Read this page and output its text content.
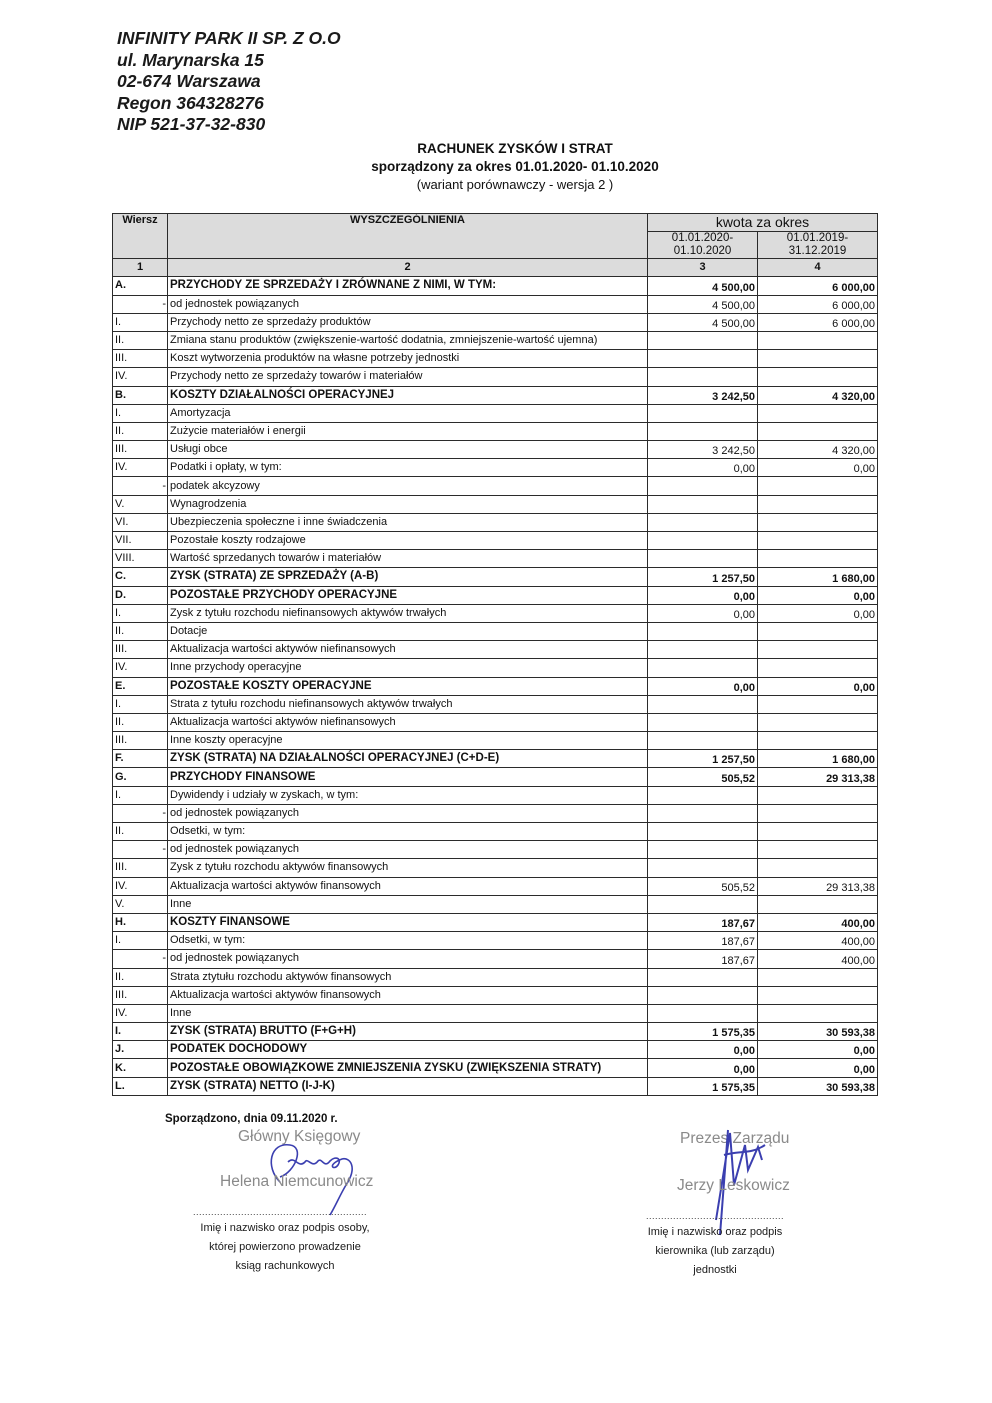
INFINITY PARK II SP. Z O.O
ul. Marynarska 15
02-674 Warszawa
Regon 364328276
NIP 521-37-32-830
RACHUNEK ZYSKÓW I STRAT
sporządzony za okres 01.01.2020- 01.10.2020
(wariant porównawczy - wersja 2 )
Wiersz	WYSZCZEGÓLNIENIA	kwota za okres	

01.01.2020-
01.10.2020

01.01.2019-
31.12.2019

1	2	3	4
A.	PRZYCHODY ZE SPRZEDAŻY I ZRÓWNANE Z NIMI, W TYM:	4 500,00	6 000,00
-	od jednostek powiązanych	4 500,00	6 000,00
I.	Przychody netto ze sprzedaży produktów	4 500,00	6 000,00
II.	Zmiana stanu produktów (zwiększenie-wartość dodatnia, zmniejszenie-wartość ujemna)		
III.	Koszt wytworzenia produktów na własne potrzeby jednostki		
IV.	Przychody netto ze sprzedaży towarów i materiałów		
B.	KOSZTY DZIAŁALNOŚCI OPERACYJNEJ	3 242,50	4 320,00
I.	Amortyzacja		
II.	Zużycie materiałów i energii		
III.	Usługi obce	3 242,50	4 320,00
IV.	Podatki i opłaty, w tym:	0,00	0,00
-	podatek akcyzowy		
V.	Wynagrodzenia		
VI.	Ubezpieczenia społeczne i inne świadczenia		
VII.	Pozostałe koszty rodzajowe		
VIII.	Wartość sprzedanych towarów i materiałów		
C.	ZYSK (STRATA) ZE SPRZEDAŻY (A-B)	1 257,50	1 680,00
D.	POZOSTAŁE PRZYCHODY OPERACYJNE	0,00	0,00
I.	Zysk z tytułu rozchodu niefinansowych aktywów trwałych	0,00	0,00
II.	Dotacje		
III.	Aktualizacja wartości aktywów niefinansowych		
IV.	Inne przychody operacyjne		
E.	POZOSTAŁE KOSZTY OPERACYJNE	0,00	0,00
I.	Strata z tytułu rozchodu niefinansowych aktywów trwałych		
II.	Aktualizacja wartości aktywów niefinansowych		
III.	Inne koszty operacyjne		
F.	ZYSK (STRATA) NA DZIAŁALNOŚCI OPERACYJNEJ (C+D-E)	1 257,50	1 680,00
G.	PRZYCHODY FINANSOWE	505,52	29 313,38
I.	Dywidendy i udziały w zyskach, w tym:		
-	od jednostek powiązanych		
II.	Odsetki, w tym:		
-	od jednostek powiązanych		
III.	Zysk z tytułu rozchodu aktywów finansowych		
IV.	Aktualizacja wartości aktywów finansowych	505,52	29 313,38
V.	Inne		
H.	KOSZTY FINANSOWE	187,67	400,00
I.	Odsetki, w tym:	187,67	400,00
-	od jednostek powiązanych	187,67	400,00
II.	Strata ztytułu rozchodu aktywów finansowych		
III.	Aktualizacja wartości aktywów finansowych		
IV.	Inne		
I.	ZYSK (STRATA) BRUTTO (F+G+H)	1 575,35	30 593,38
J.	PODATEK DOCHODOWY	0,00	0,00
K.	POZOSTAŁE OBOWIĄZKOWE ZMNIEJSZENIA ZYSKU (ZWIĘKSZENIA STRATY)	0,00	0,00
L.	ZYSK (STRATA) NETTO (I-J-K)	1 575,35	30 593,38
Sporządzono, dnia 09.11.2020 r.
Główny Księgowy
Helena Niemcunowicz
..........................................................
Imię i nazwisko oraz podpis osoby,
której powierzono prowadzenie
ksiąg rachunkowych
Prezes Zarządu
Jerzy Leskowicz
..............................................
Imię i nazwisko oraz podpis
kierownika (lub zarządu)
jednostki
